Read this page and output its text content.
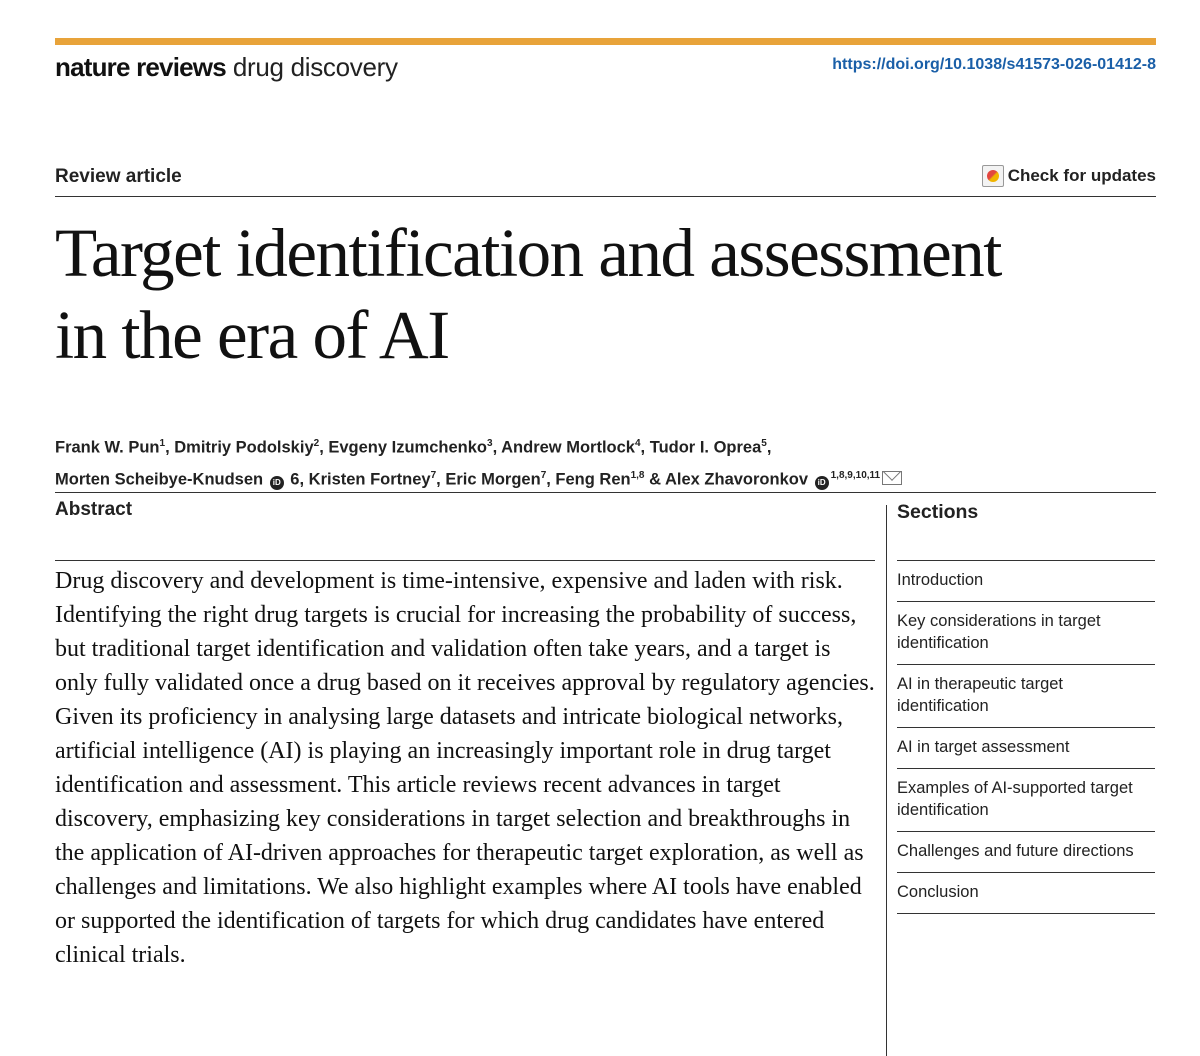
nature reviews drug discovery	https://doi.org/10.1038/s41573-026-01412-8
Review article	Check for updates
Target identification and assessment in the era of AI
Frank W. Pun$^1$, Dmitriy Podolskiy$^2$, Evgeny Izumchenko$^3$, Andrew Mortlock$^4$, Tudor I. Oprea$^5$,
Morten Scheibye-Knudsen iD 6, Kristen Fortney$^7$, Eric Morgen$^7$, Feng Ren$^{1,8}$ & Alex Zhavoronkov iD$^{1,8,9,10,11}$
Abstract

Drug discovery and development is time-intensive, expensive and laden with risk. Identifying the right drug targets is crucial for increasing the probability of success, but traditional target identification and validation often take years, and a target is only fully validated once a drug based on it receives approval by regulatory agencies. Given its proficiency in analysing large datasets and intricate biological networks, artificial intelligence (AI) is playing an increasingly important role in drug target identification and assessment. This article reviews recent advances in target discovery, emphasizing key considerations in target selection and breakthroughs in the application of AI-driven approaches for therapeutic target exploration, as well as challenges and limitations. We also highlight examples where AI tools have enabled or supported the identification of targets for which drug candidates have entered clinical trials.

Sections
Introduction
Key considerations in target identification
AI in therapeutic target identification
AI in target assessment
Examples of AI-supported target identification
Challenges and future directions
Conclusion
